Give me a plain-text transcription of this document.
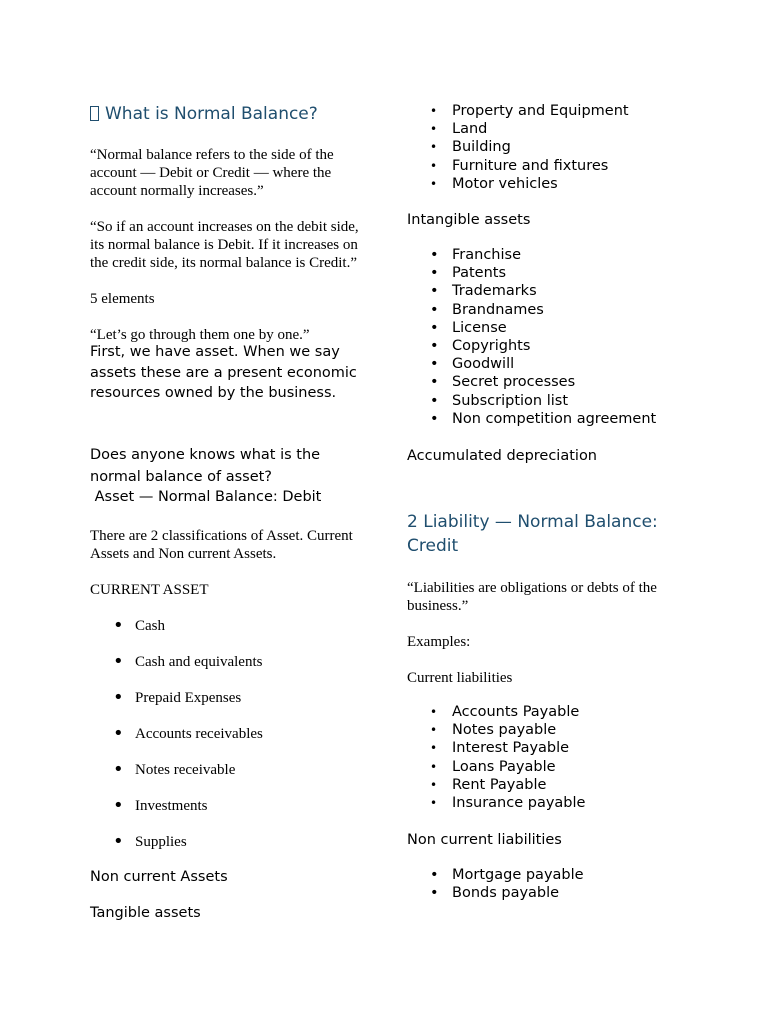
What is Normal Balance?

“Normal balance refers to the side of the account — Debit or Credit — where the account normally increases.”

“So if an account increases on the debit side, its normal balance is Debit. If it increases on the credit side, its normal balance is Credit.”

5 elements

“Let’s go through them one by one.”

First, we have asset. When we say assets these are a present economic resources owned by the business.

Does anyone knows what is the normal balance of asset?

Asset — Normal Balance: Debit

There are 2 classifications of Asset. Current Assets and Non current Assets.

CURRENT ASSET

• Cash
• Cash and equivalents
• Prepaid Expenses
• Accounts receivables
• Notes receivable
• Investments
• Supplies

Non current Assets

Tangible assets

• Property and Equipment
• Land
• Building
• Furniture and fixtures
• Motor vehicles

Intangible assets

• Franchise
• Patents
• Trademarks
• Brandnames
• License
• Copyrights
• Goodwill
• Secret processes
• Subscription list
• Non competition agreement

Accumulated depreciation

2 Liability — Normal Balance: Credit

“Liabilities are obligations or debts of the business.”

Examples:

Current liabilities

• Accounts Payable
• Notes payable
• Interest Payable
• Loans Payable
• Rent Payable
• Insurance payable

Non current liabilities

• Mortgage payable
• Bonds payable
